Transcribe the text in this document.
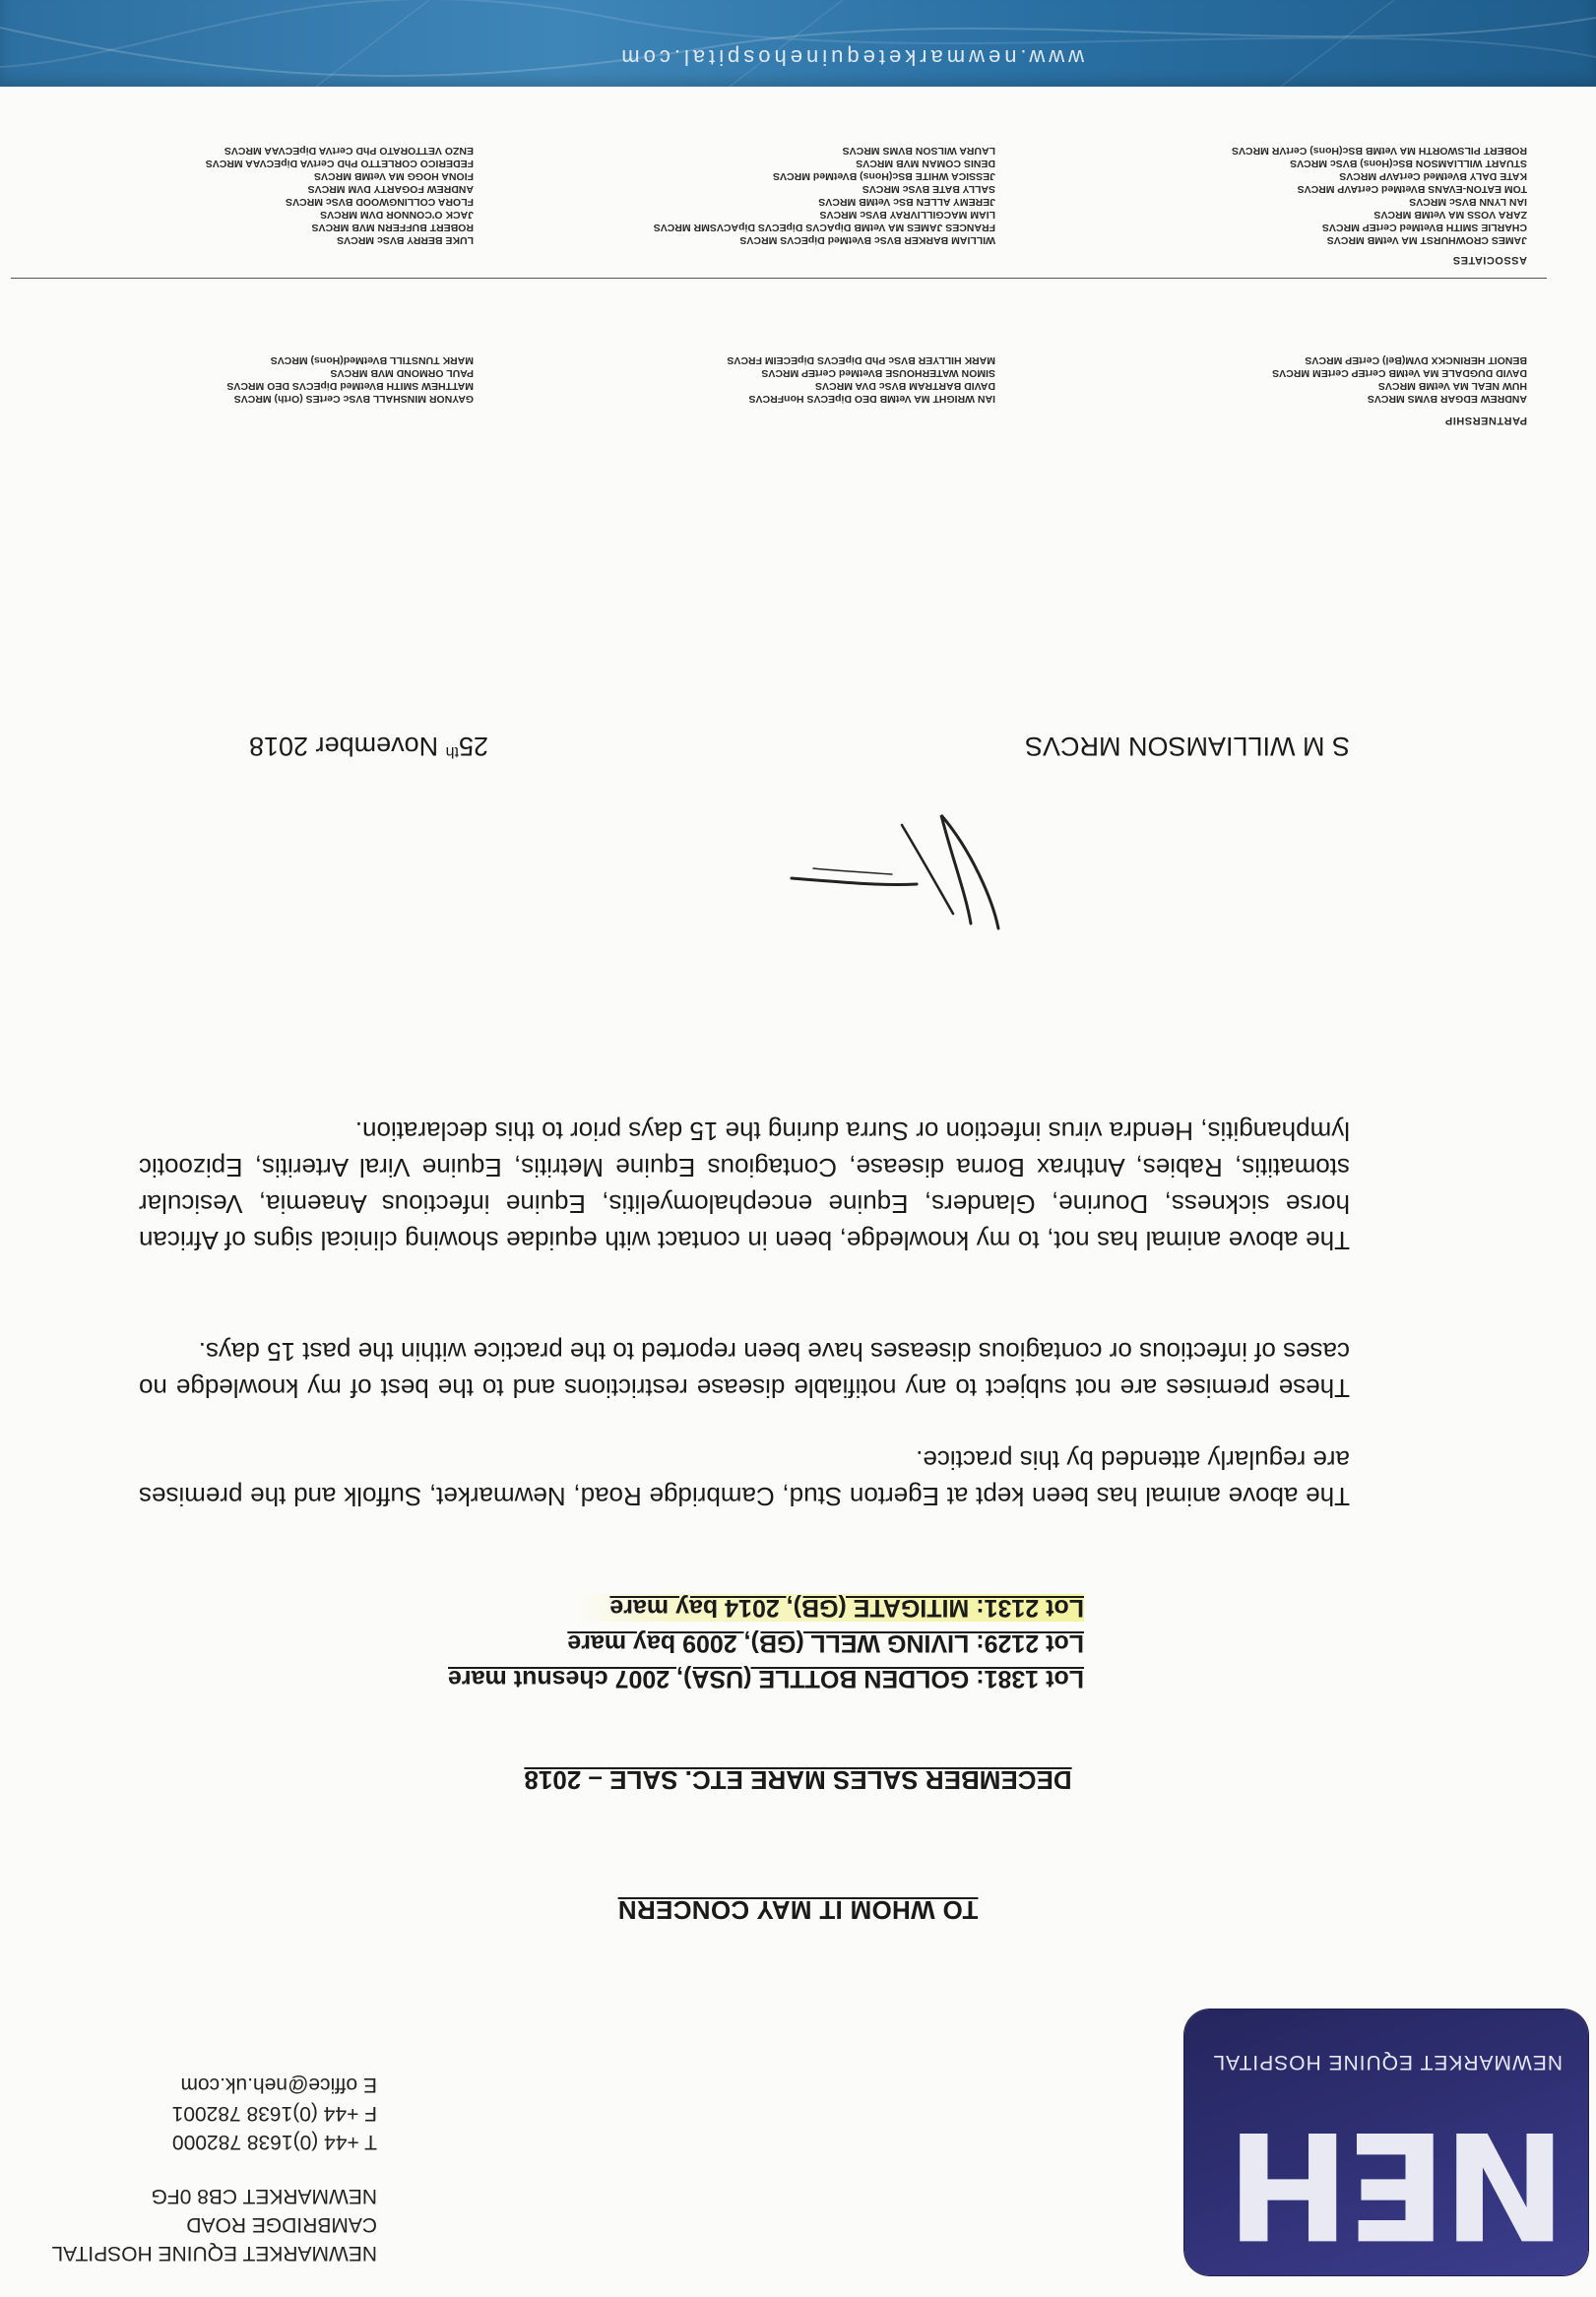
NEH
NEWMARKET EQUINE HOSPITAL
NEWMARKET EQUINE HOSPITAL
CAMBRIDGE ROAD
NEWMARKET CB8 0FG
T +44 (0)1638 782000
F +44 (0)1638 782001
E office@neh.uk.com
TO WHOM IT MAY CONCERN
DECEMBER SALES MARE ETC. SALE – 2018
Lot 1381: GOLDEN BOTTLE (USA), 2007 chesnut mare
Lot 2129: LIVING WELL (GB), 2009 bay mare
Lot 2131: MITIGATE (GB), 2014 bay mare
The above animal has been kept at Egerton Stud, Cambridge Road, Newmarket, Suffolk and the premises are regularly attended by this practice.
These premises are not subject to any notifiable disease restrictions and to the best of my knowledge no cases of infectious or contagious diseases have been reported to the practice within the past 15 days.
The above animal has not, to my knowledge, been in contact with equidae showing clinical signs of African horse sickness, Dourine, Glanders, Equine encephalomyelitis, Equine infectious Anaemia, Vesicular stomatitis, Rabies, Anthrax Borna disease, Contagious Equine Metritis, Equine Viral Arteritis, Epizootic lymphangitis, Hendra virus infection or Surra during the 15 days prior to this declaration.
S M WILLIAMSON MRCVS
25th November 2018
PARTNERSHIP
ANDREW EDGAR BVMS MRCVS
HUW NEAL MA VetMB MRCVS
DAVID DUGDALE MA VetMB CertEP CertEM MRCVS
BENOIT HERINCKX DVM(Bel) CertEP MRCVS
IAN WRIGHT MA VetMB DEO DipECVS HonFRCVS
DAVID BARTRAM BVSc DVA MRCVS
SIMON WATERHOUSE BVetMed CertEP MRCVS
MARK HILLYER BVSc PhD DipECVS DipECEIM FRCVS
GAYNOR MINSHALL BVSc CertES (Orth) MRCVS
MATTHEW SMITH BVetMed DipECVS DEO MRCVS
PAUL ORMOND MVB MRCVS
MARK TUNSTILL BVetMed(Hons) MRCVS
ASSOCIATES
JAMES CROWHURST MA VetMB MRCVS
CHARLIE SMITH BVetMed CertEP MRCVS
ZARA VOSS MA VetMB MRCVS
IAN LYNN BVSc MRCVS
TOM EATON-EVANS BVetMed CertAVP MRCVS
KATE DALY BVetMed CertAVP MRCVS
STUART WILLIAMSON BSc(Hons) BVSc MRCVS
ROBERT PILSWORTH MA VetMB BSc(Hons) CertVR MRCVS
WILLIAM BARKER BVSc BVetMed DipECVS MRCVS
FRANCES JAMES MA VetMB DipACVS DipECVS DipACVSMR MRCVS
LIAM MACGILLIVRAY BVSc MRCVS
JEREMY ALLEN BSc VetMB MRCVS
SALLY BATE BVSc MRCVS
JESSICA WHITE BSc(Hons) BVetMed MRCVS
DENIS COMAN MVB MRCVS
LAURA WILSON BVMS MRCVS
LUKE BERRY BVSc MRCVS
ROBERT BUFFERN MVB MRCVS
JACK O'CONNOR DVM MRCVS
FLORA COLLINGWOOD BVSc MRCVS
ANDREW FOGARTY DVM MRCVS
FIONA HOGG MA VetMB MRCVS
FEDERICO CORLETTO PhD CertVA DipECVAA MRCVS
ENZO VETTORATO PhD CertVA DipECVAA MRCVS
www.newmarketequinehospital.com
